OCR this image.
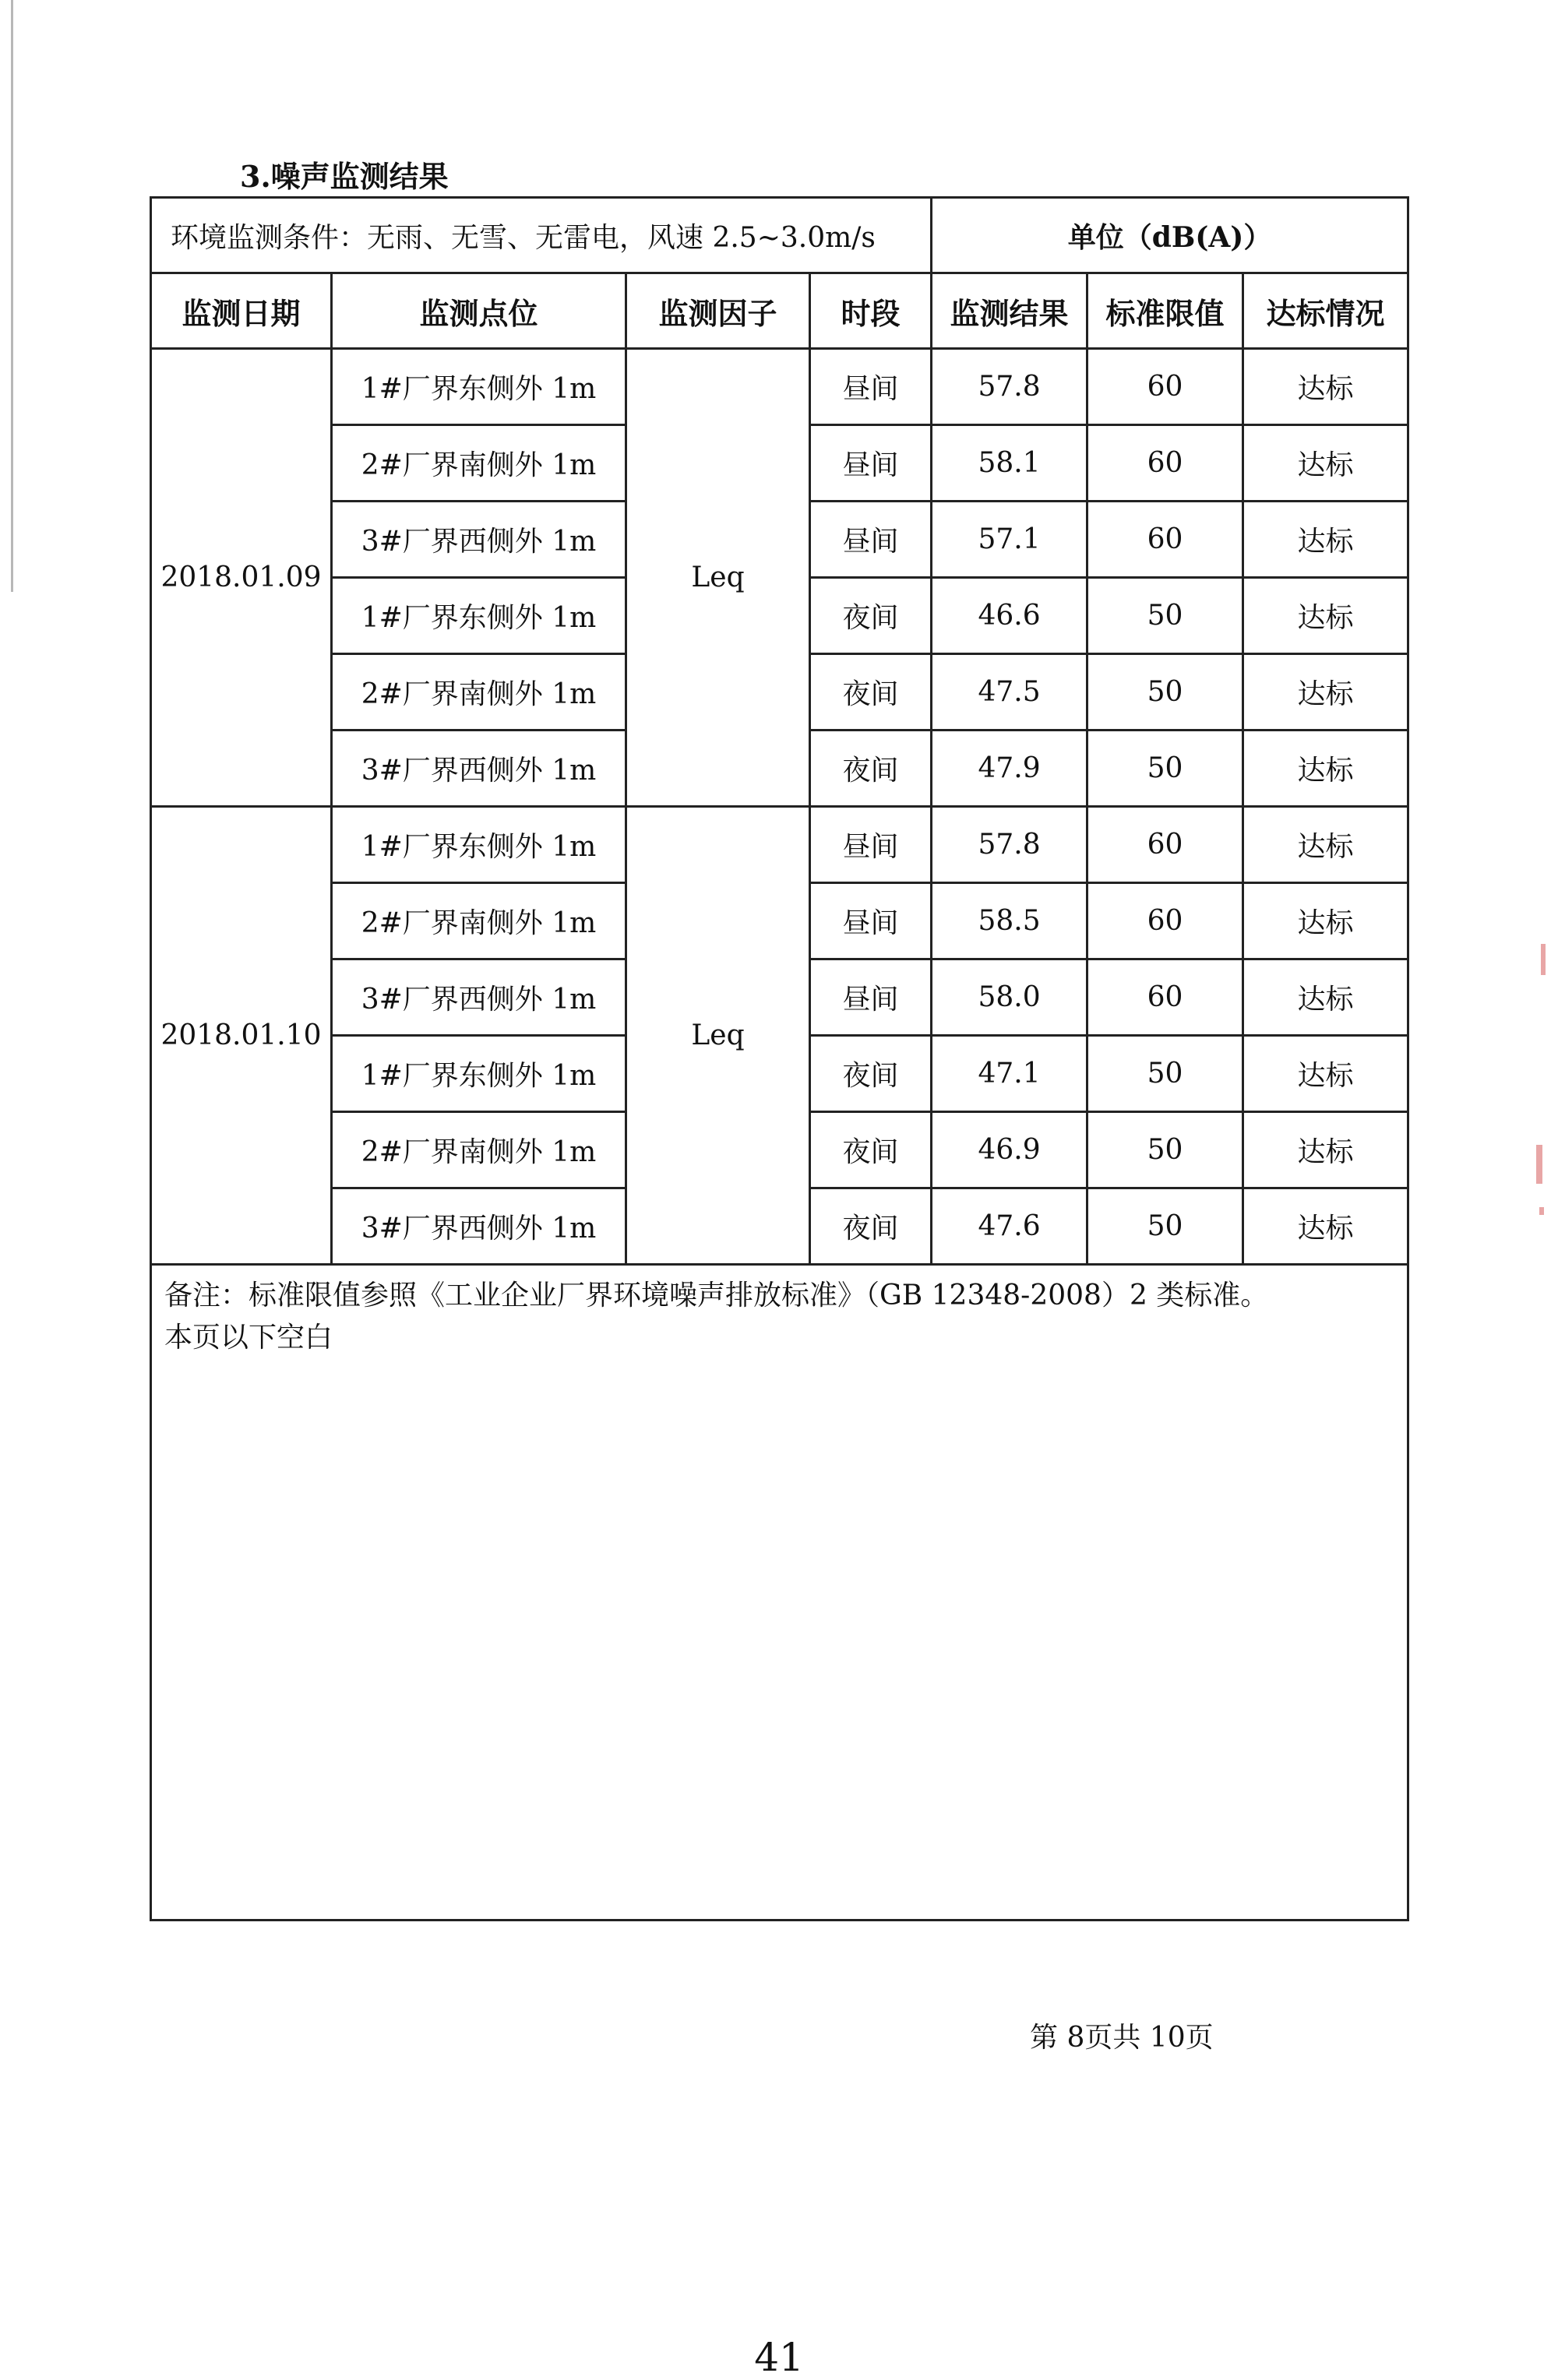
3.噪声监测结果
环境监测条件：无雨、无雪、无雷电，风速 2.5~3.0m/s				单位（dB(A)）		
监测日期	监测点位	监测因子	时段	监测结果	标准限值	达标情况
2018.01.09	1#厂界东侧外 1m	Leq	昼间	57.8	60	达标
	2#厂界南侧外 1m		昼间	58.1	60	达标
	3#厂界西侧外 1m		昼间	57.1	60	达标
	1#厂界东侧外 1m		夜间	46.6	50	达标
	2#厂界南侧外 1m		夜间	47.5	50	达标
	3#厂界西侧外 1m		夜间	47.9	50	达标
2018.01.10	1#厂界东侧外 1m	Leq	昼间	57.8	60	达标
	2#厂界南侧外 1m		昼间	58.5	60	达标
	3#厂界西侧外 1m		昼间	58.0	60	达标
	1#厂界东侧外 1m		夜间	47.1	50	达标
	2#厂界南侧外 1m		夜间	46.9	50	达标
	3#厂界西侧外 1m		夜间	47.6	50	达标

备注：标准限值参照《工业企业厂界环境噪声排放标准》（GB 12348-2008）2 类标准。
本页以下空白						
第 8页共 10页
41
